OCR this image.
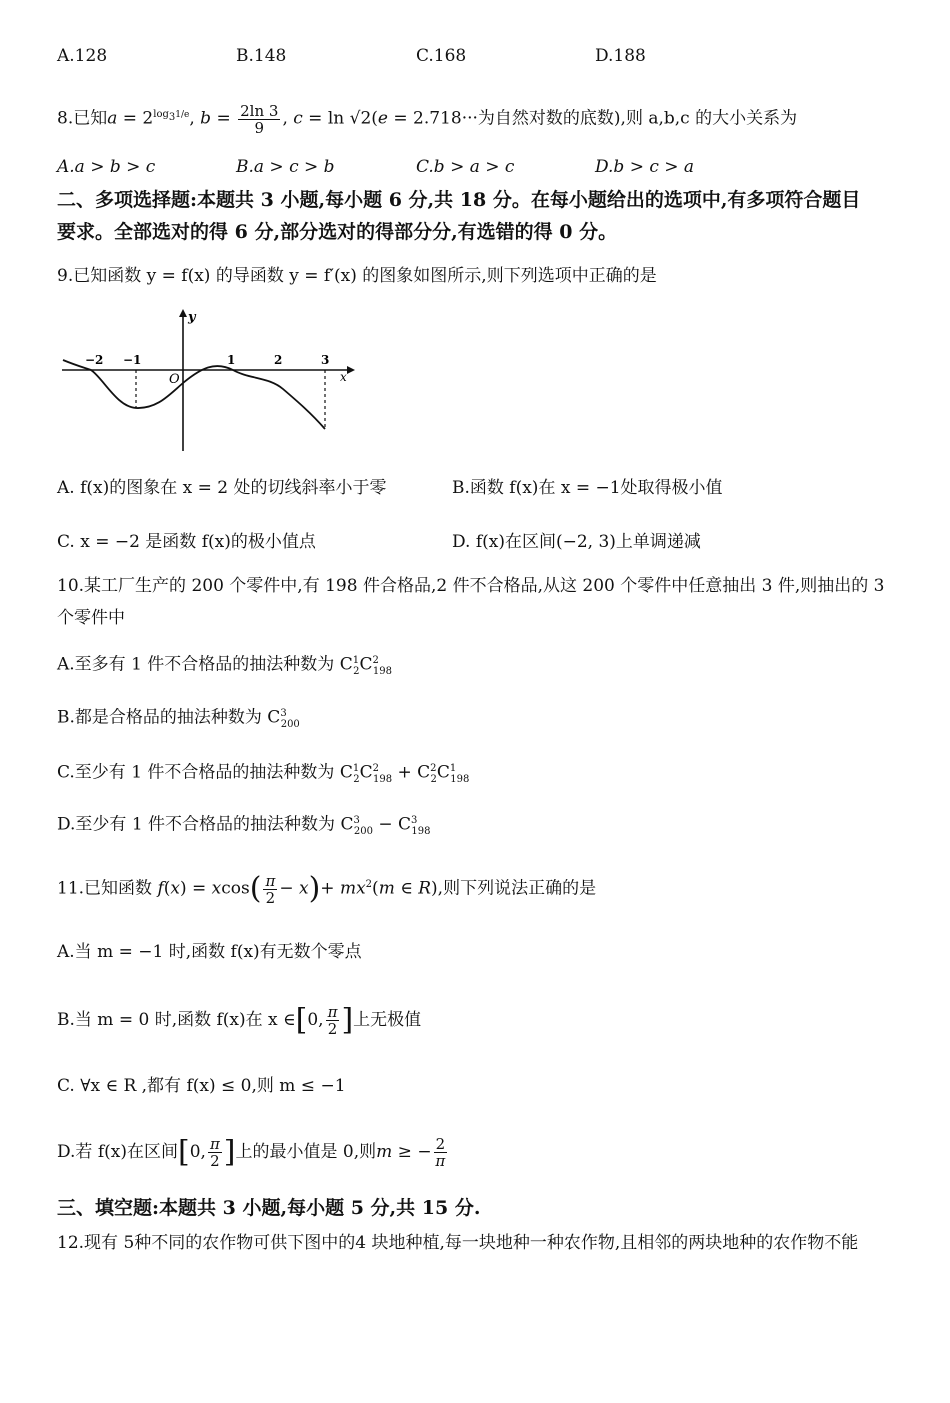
A.128	B.148	C.168	D.188
8.已知$a = 2^{log_31/e}$, $b = \frac{2\ln 3}{9}$ , c = ln √2(e = 2.718···为自然对数的底数),则 a,b,c 的大小关系为
A.a > b > c	B.a > c > b	C.b > a > c	D.b > c > a
二、多项选择题:本题共 3 小题,每小题 6 分,共 18 分。在每小题给出的选项中,有多项符合题目
要求。全部选对的得 6 分,部分选对的得部分分,有选错的得 0 分。
9.已知函数 y = f(x) 的导函数 y = f′(x) 的图象如图所示,则下列选项中正确的是
y
x
O
−2 −1	1	2	3
A. f(x)的图象在 x = 2 处的切线斜率小于零	B.函数 f(x)在 x = −1处取得极小值
C. x = −2 是函数 f(x)的极小值点	D. f(x)在区间(−2, 3)上单调递减
10.某工厂生产的 200 个零件中,有 198 件合格品,2 件不合格品,从这 200 个零件中任意抽出 3 件,则抽出的 3
个零件中
A.至多有 1 件不合格品的抽法种数为 $C^1_2C^2_{198}$
B.都是合格品的抽法种数为 $C^3_{200}$
C.至少有 1 件不合格品的抽法种数为 $C^1_2C^2_{198} + C^2_2C^1_{198}$
D.至少有 1 件不合格品的抽法种数为 $C^3_{200} - C^3_{198}$
11.已知函数 $f(x) = xcos( \frac{\pi}{2} - x)+ mx^2(m$ ∈ R),则下列说法正确的是
A.当 m = −1 时,函数 f(x)有无数个零点
B.当 m = 0 时,函数 f(x)在 x ∈[0, $\frac{\pi}{2}$ ]上无极值
C. ∀x ∈ R ,都有 f(x) ≤ 0,则 m ≤ −1
D.若 f(x)在区间[0, $\frac{\pi}{2}$ ]上的最小值是 0,则m ≥ − $\frac{2}{\pi}$
三、填空题:本题共 3 小题,每小题 5 分,共 15 分.
12.现有 5种不同的农作物可供下图中的4 块地种植,每一块地种一种农作物,且相邻的两块地种的农作物不能
